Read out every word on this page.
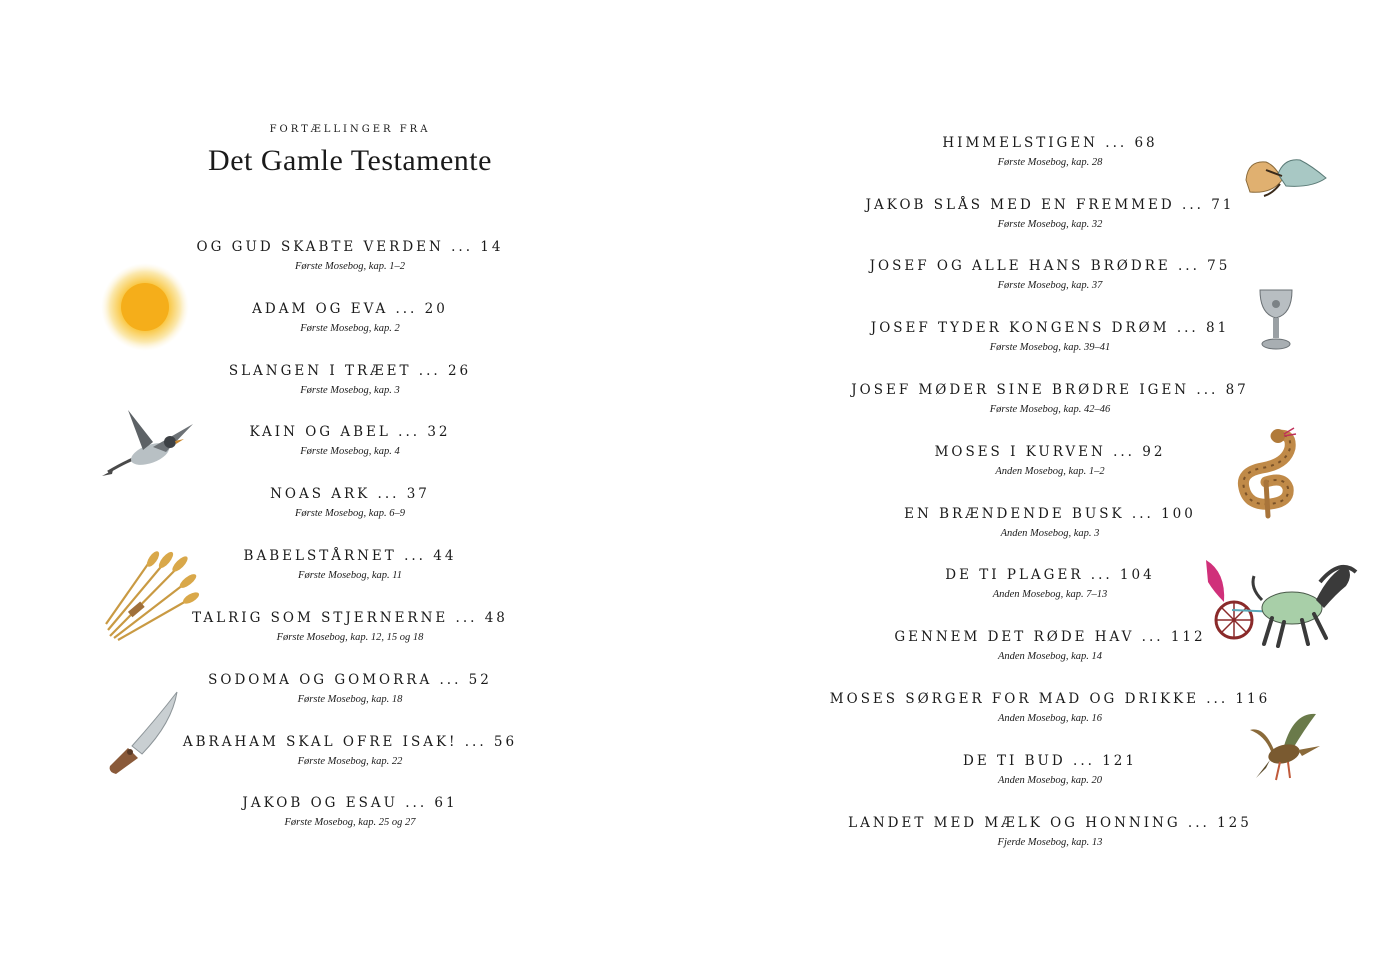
FORTÆLLINGER FRA
Det Gamle Testamente
OG GUD SKABTE VERDEN ... 14
Første Mosebog, kap. 1–2
ADAM OG EVA ... 20
Første Mosebog, kap. 2
SLANGEN I TRÆET ... 26
Første Mosebog, kap. 3
KAIN OG ABEL ... 32
Første Mosebog, kap. 4
NOAS ARK ... 37
Første Mosebog, kap. 6–9
BABELSTÅRNET ... 44
Første Mosebog, kap. 11
TALRIG SOM STJERNERNE ... 48
Første Mosebog, kap. 12, 15 og 18
SODOMA OG GOMORRA ... 52
Første Mosebog, kap. 18
ABRAHAM SKAL OFRE ISAK! ... 56
Første Mosebog, kap. 22
JAKOB OG ESAU ... 61
Første Mosebog, kap. 25 og 27
HIMMELSTIGEN ... 68
Første Mosebog, kap. 28
JAKOB SLÅS MED EN FREMMED ... 71
Første Mosebog, kap. 32
JOSEF OG ALLE HANS BRØDRE ... 75
Første Mosebog, kap. 37
JOSEF TYDER KONGENS DRØM ... 81
Første Mosebog, kap. 39–41
JOSEF MØDER SINE BRØDRE IGEN ... 87
Første Mosebog, kap. 42–46
MOSES I KURVEN ... 92
Anden Mosebog, kap. 1–2
EN BRÆNDENDE BUSK ... 100
Anden Mosebog, kap. 3
DE TI PLAGER ... 104
Anden Mosebog, kap. 7–13
GENNEM DET RØDE HAV ... 112
Anden Mosebog, kap. 14
MOSES SØRGER FOR MAD OG DRIKKE ... 116
Anden Mosebog, kap. 16
DE TI BUD ... 121
Anden Mosebog, kap. 20
LANDET MED MÆLK OG HONNING ... 125
Fjerde Mosebog, kap. 13
